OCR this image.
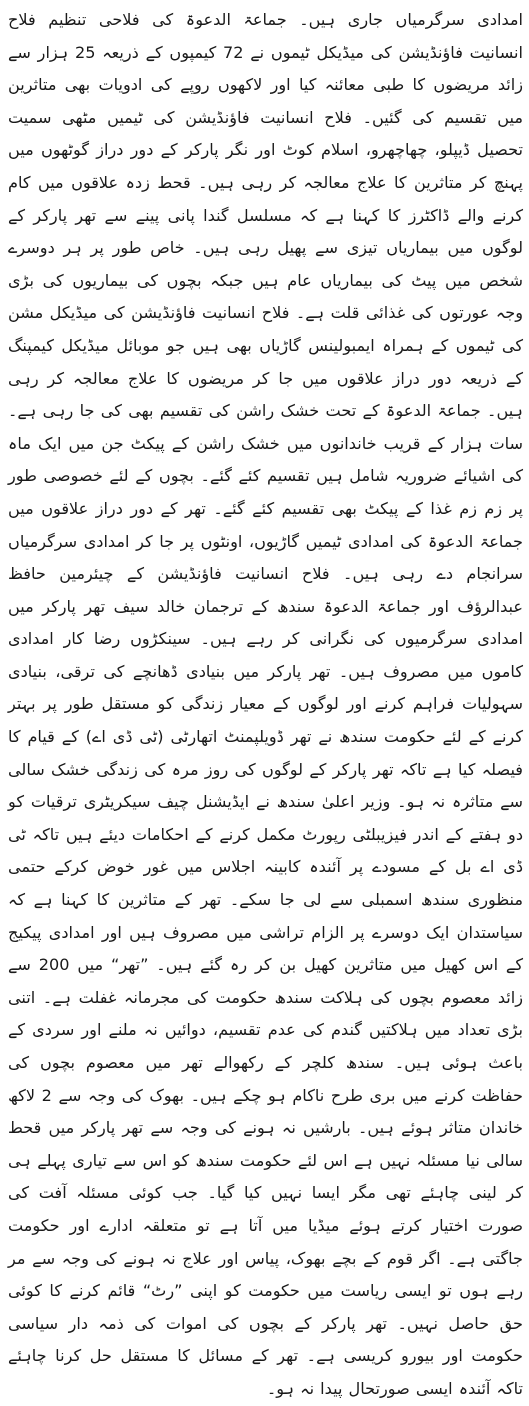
امدادی سرگرمیاں جاری ہیں۔ جماعۃ الدعوۃ کی فلاحی تنظیم فلاح انسانیت فاؤنڈیشن کی میڈیکل ٹیموں نے 72 کیمپوں کے ذریعہ 25 ہزار سے زائد مریضوں کا طبی معائنہ کیا اور لاکھوں روپے کی ادویات بھی متاثرین میں تقسیم کی گئیں۔ فلاح انسانیت فاؤنڈیشن کی ٹیمیں مٹھی سمیت تحصیل ڈیپلو، چھاچھرو، اسلام کوٹ اور نگر پارکر کے دور دراز گوٹھوں میں پہنچ کر متاثرین کا علاج معالجہ کر رہی ہیں۔ قحط زدہ علاقوں میں کام کرنے والے ڈاکٹرز کا کہنا ہے کہ مسلسل گندا پانی پینے سے تھر پارکر کے لوگوں میں بیماریاں تیزی سے پھیل رہی ہیں۔ خاص طور پر ہر دوسرے شخص میں پیٹ کی بیماریاں عام ہیں جبکہ بچوں کی بیماریوں کی بڑی وجہ عورتوں کی غذائی قلت ہے۔ فلاح انسانیت فاؤنڈیشن کی میڈیکل مشن کی ٹیموں کے ہمراہ ایمبولینس گاڑیاں بھی ہیں جو موبائل میڈیکل کیمپنگ کے ذریعہ دور دراز علاقوں میں جا کر مریضوں کا علاج معالجہ کر رہی ہیں۔ جماعۃ الدعوۃ کے تحت خشک راشن کی تقسیم بھی کی جا رہی ہے۔ سات ہزار کے قریب خاندانوں میں خشک راشن کے پیکٹ جن میں ایک ماہ کی اشیائے ضروریہ شامل ہیں تقسیم کئے گئے۔ بچوں کے لئے خصوصی طور پر زم زم غذا کے پیکٹ بھی تقسیم کئے گئے۔ تھر کے دور دراز علاقوں میں جماعۃ الدعوۃ کی امدادی ٹیمیں گاڑیوں، اونٹوں پر جا کر امدادی سرگرمیاں سرانجام دے رہی ہیں۔ فلاح انسانیت فاؤنڈیشن کے چیئرمین حافظ عبدالرؤف اور جماعۃ الدعوۃ سندھ کے ترجمان خالد سیف تھر پارکر میں امدادی سرگرمیوں کی نگرانی کر رہے ہیں۔ سینکڑوں رضا کار امدادی کاموں میں مصروف ہیں۔ تھر پارکر میں بنیادی ڈھانچے کی ترقی، بنیادی سہولیات فراہم کرنے اور لوگوں کے معیار زندگی کو مستقل طور پر بہتر کرنے کے لئے حکومت سندھ نے تھر ڈویلپمنٹ اتھارٹی (ٹی ڈی اے) کے قیام کا فیصلہ کیا ہے تاکہ تھر پارکر کے لوگوں کی روز مرہ کی زندگی خشک سالی سے متاثرہ نہ ہو۔ وزیر اعلیٰ سندھ نے ایڈیشنل چیف سیکریٹری ترقیات کو دو ہفتے کے اندر فیزیبلٹی رپورٹ مکمل کرنے کے احکامات دیئے ہیں تاکہ ٹی ڈی اے بل کے مسودے پر آئندہ کابینہ اجلاس میں غور خوض کرکے حتمی منظوری سندھ اسمبلی سے لی جا سکے۔ تھر کے متاثرین کا کہنا ہے کہ سیاستدان ایک دوسرے پر الزام تراشی میں مصروف ہیں اور امدادی پیکیج کے اس کھیل میں متاثرین کھیل بن کر رہ گئے ہیں۔ ”تھر“ میں 200 سے زائد معصوم بچوں کی ہلاکت سندھ حکومت کی مجرمانہ غفلت ہے۔ اتنی بڑی تعداد میں ہلاکتیں گندم کی عدم تقسیم، دوائیں نہ ملنے اور سردی کے باعث ہوئی ہیں۔ سندھ کلچر کے رکھوالے تھر میں معصوم بچوں کی حفاظت کرنے میں بری طرح ناکام ہو چکے ہیں۔ بھوک کی وجہ سے 2 لاکھ خاندان متاثر ہوئے ہیں۔ بارشیں نہ ہونے کی وجہ سے تھر پارکر میں قحط سالی نیا مسئلہ نہیں ہے اس لئے حکومت سندھ کو اس سے تیاری پہلے ہی کر لینی چاہئے تھی مگر ایسا نہیں کیا گیا۔ جب کوئی مسئلہ آفت کی صورت اختیار کرتے ہوئے میڈیا میں آتا ہے تو متعلقہ ادارے اور حکومت جاگتی ہے۔ اگر قوم کے بچے بھوک، پیاس اور علاج نہ ہونے کی وجہ سے مر رہے ہوں تو ایسی ریاست میں حکومت کو اپنی ”رٹ“ قائم کرنے کا کوئی حق حاصل نہیں۔ تھر پارکر کے بچوں کی اموات کی ذمہ دار سیاسی حکومت اور بیورو کریسی ہے۔ تھر کے مسائل کا مستقل حل کرنا چاہئے تاکہ آئندہ ایسی صورتحال پیدا نہ ہو۔
